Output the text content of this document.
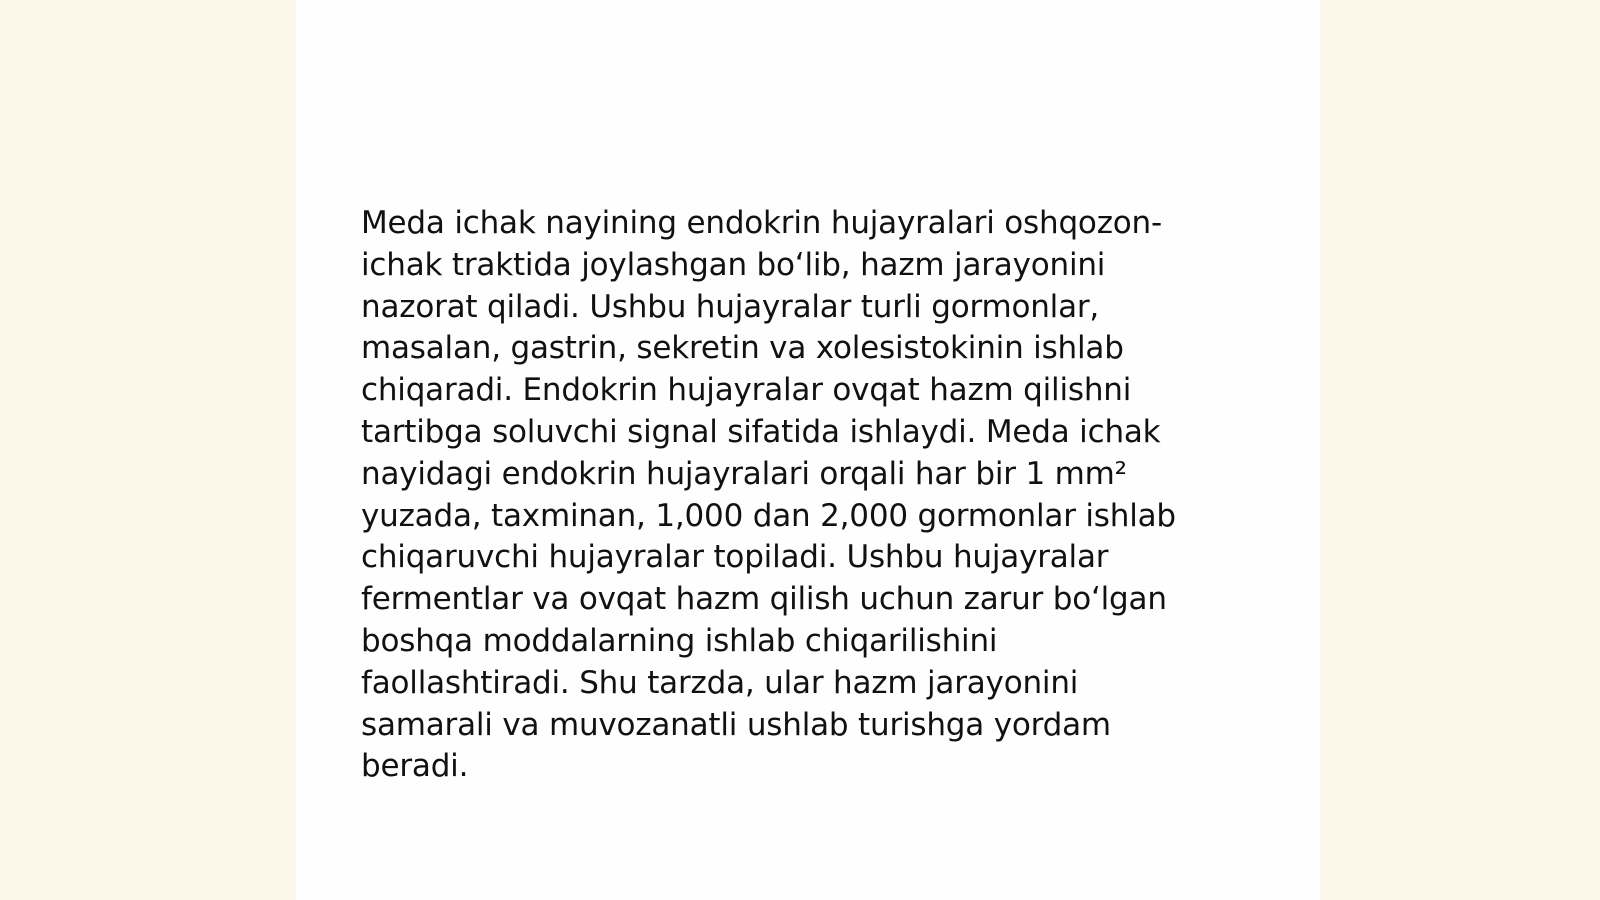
Meda ichak nayining endokrin hujayralari oshqozon-
ichak traktida joylashgan boʻlib, hazm jarayonini
nazorat qiladi. Ushbu hujayralar turli gormonlar,
masalan, gastrin, sekretin va xolesistokinin ishlab
chiqaradi. Endokrin hujayralar ovqat hazm qilishni
tartibga soluvchi signal sifatida ishlaydi. Meda ichak
nayidagi endokrin hujayralari orqali har bir 1 mm²
yuzada, taxminan, 1,000 dan 2,000 gormonlar ishlab
chiqaruvchi hujayralar topiladi. Ushbu hujayralar
fermentlar va ovqat hazm qilish uchun zarur boʻlgan
boshqa moddalarning ishlab chiqarilishini
faollashtiradi. Shu tarzda, ular hazm jarayonini
samarali va muvozanatli ushlab turishga yordam
beradi.
